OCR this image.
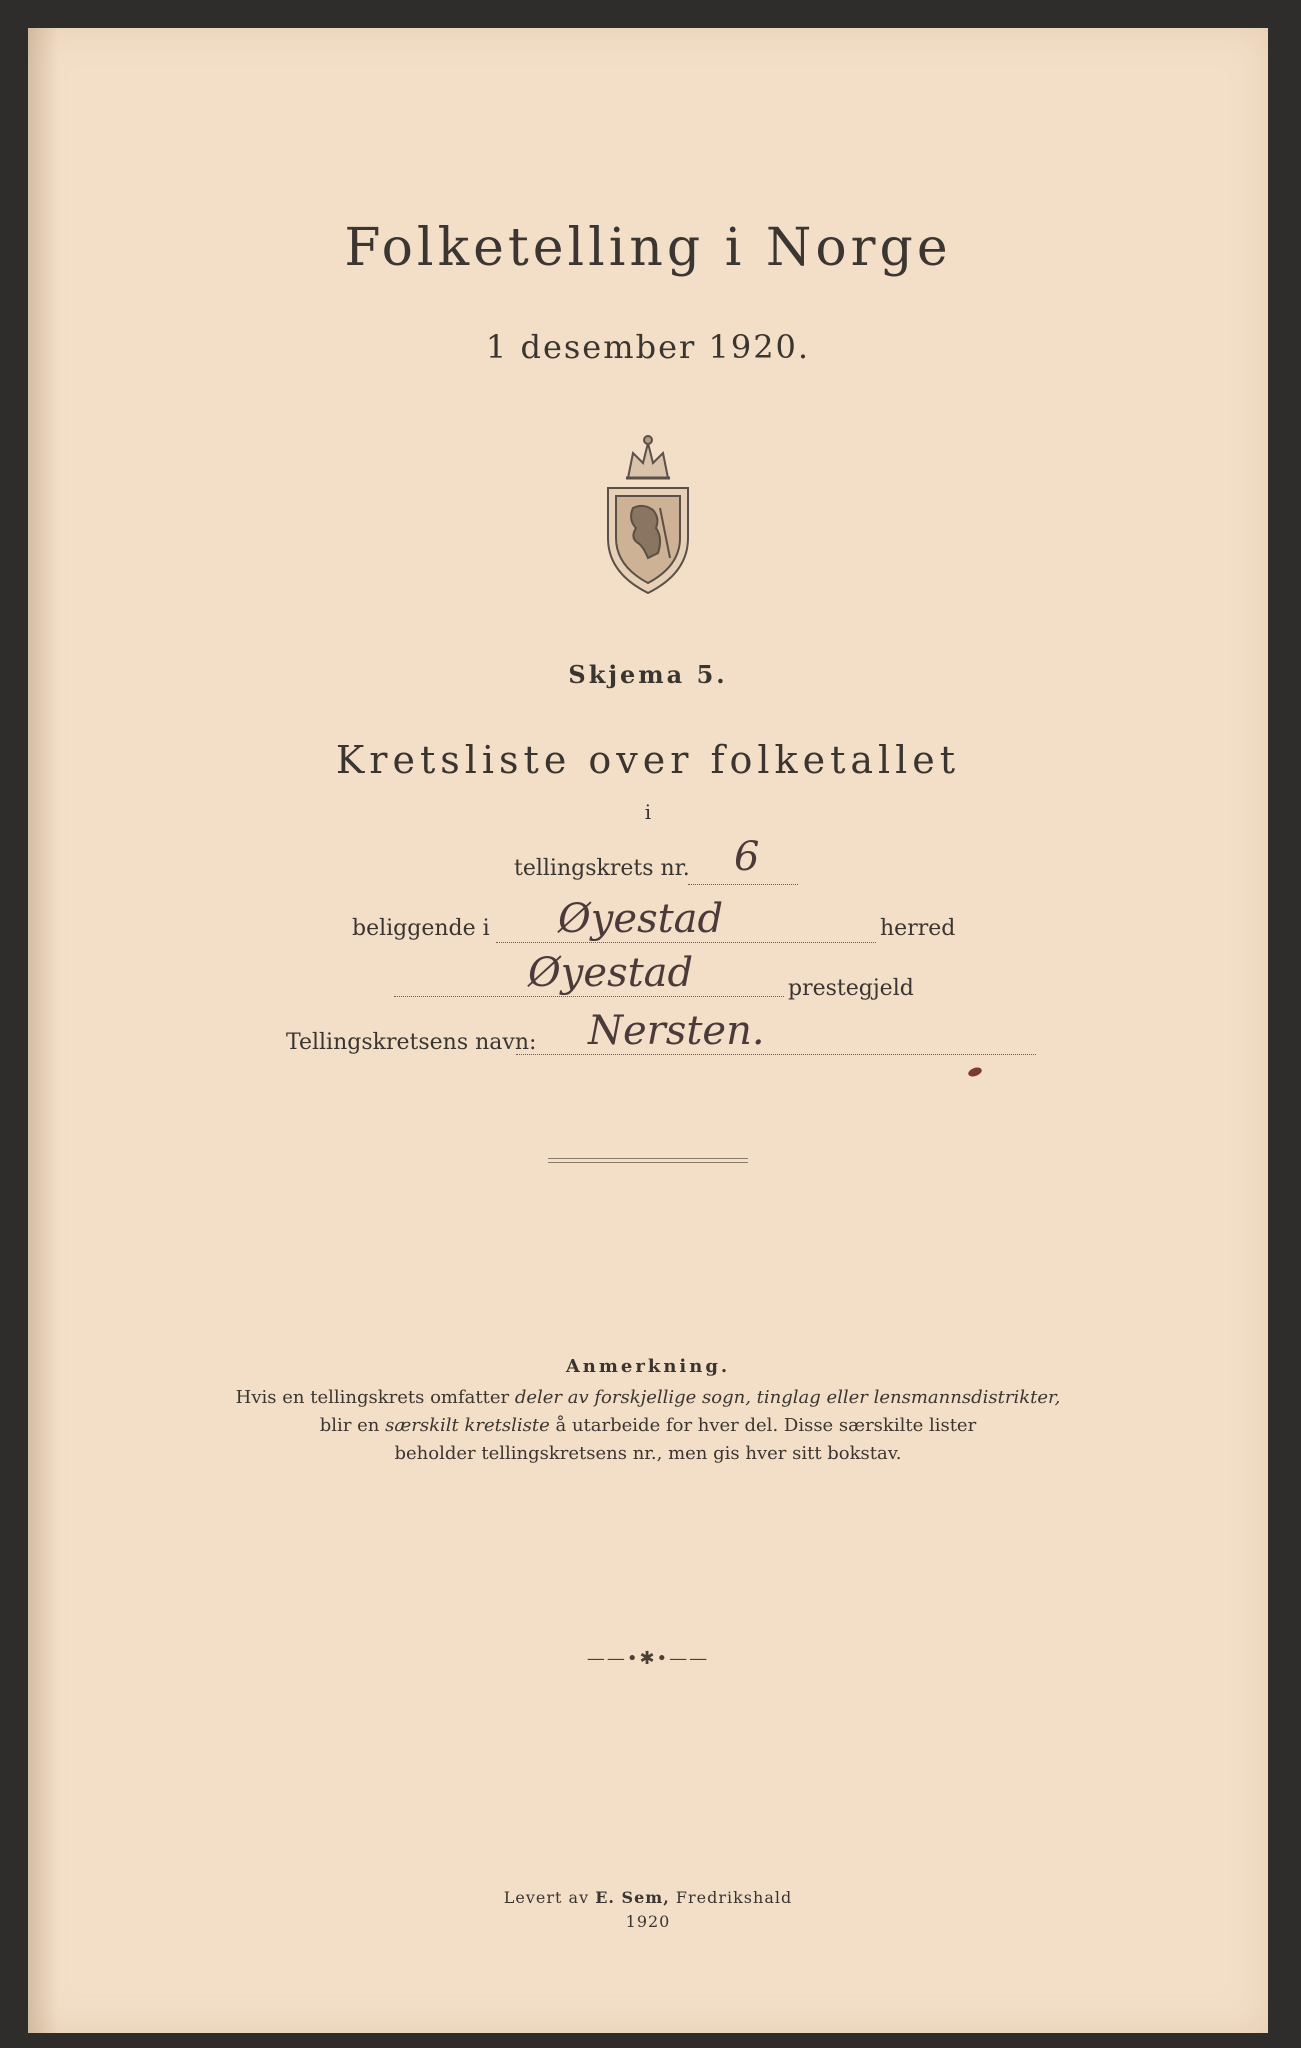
Folketelling i Norge
1 desember 1920.
Skjema 5.
Kretsliste over folketallet
i
tellingskrets nr. 6
beliggende i Øyestad	herred
Øyestad	prestegjeld
Tellingskretsens navn: Nersten.
Anmerkning.
Hvis en tellingskrets omfatter deler av forskjellige sogn, tinglag eller lensmannsdistrikter,
blir en særskilt kretsliste å utarbeide for hver del. Disse særskilte lister
beholder tellingskretsens nr., men gis hver sitt bokstav.
——•✱•——
Levert av E. Sem, Fredrikshald
1920
